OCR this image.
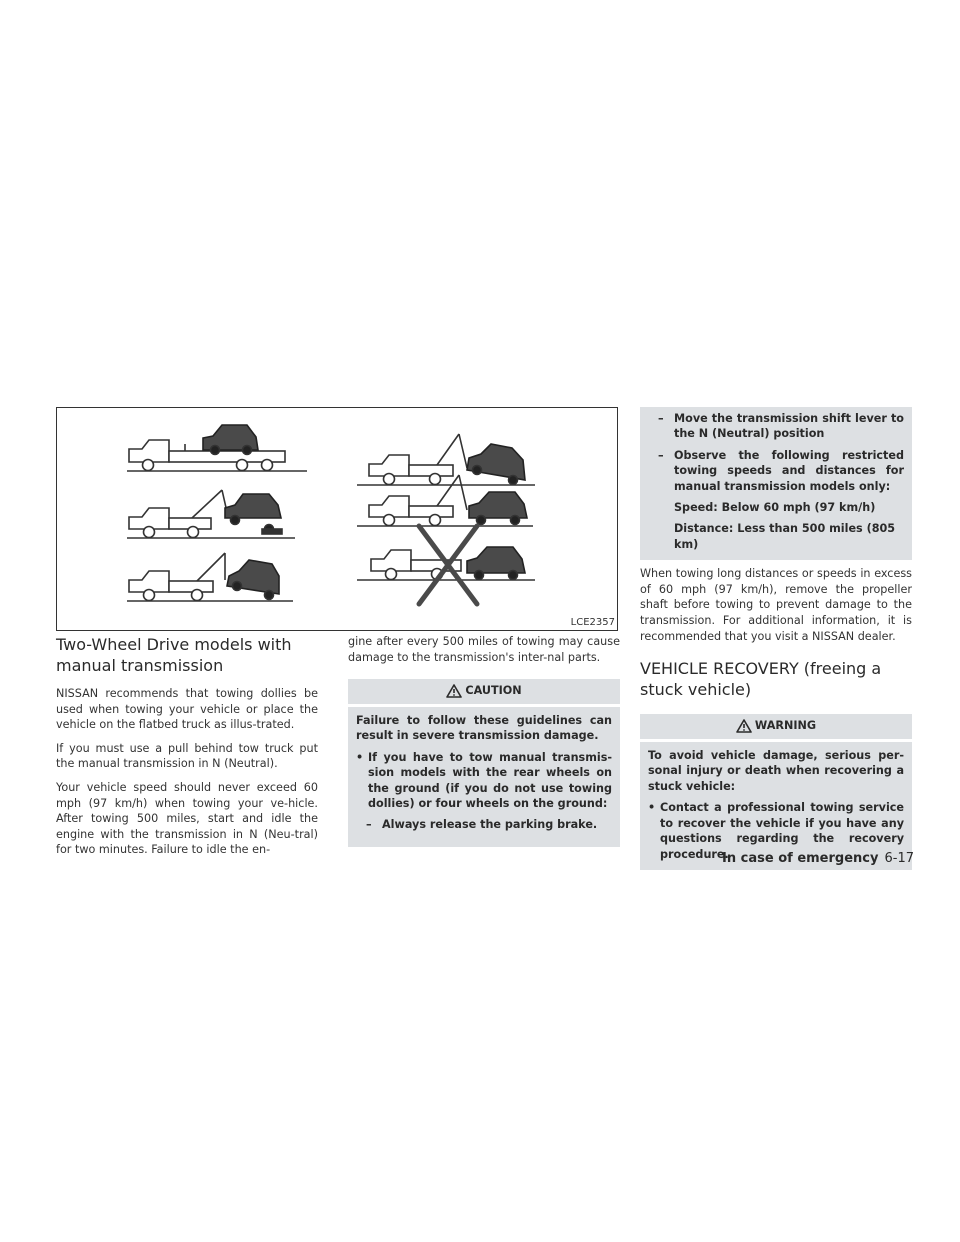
LCE2357
Two-Wheel Drive models with manual transmission

NISSAN recommends that towing dollies be used when towing your vehicle or place the vehicle on the flatbed truck as illus-trated.

If you must use a pull behind tow truck put the manual transmission in N (Neutral).

Your vehicle speed should never exceed 60 mph (97 km/h) when towing your ve-hicle. After towing 500 miles, start and idle the engine with the transmission in N (Neu-tral) for two minutes. Failure to idle the en-

gine after every 500 miles of towing may cause damage to the transmission's inter-nal parts.

CAUTION

Failure to follow these guidelines can result in severe transmission damage.

• If you have to tow manual transmis-sion models with the rear wheels on the ground (if you do not use towing dollies) or four wheels on the ground:
– Always release the parking brake.
– Move the transmission shift lever to the N (Neutral) position
– Observe the following restricted towing speeds and distances for manual transmission models only:
Speed: Below 60 mph (97 km/h)
Distance: Less than 500 miles (805 km)

When towing long distances or speeds in excess of 60 mph (97 km/h), remove the propeller shaft before towing to prevent damage to the transmission. For additional information, it is recommended that you visit a NISSAN dealer.

VEHICLE RECOVERY (freeing a stuck vehicle)
WARNING

To avoid vehicle damage, serious per-sonal injury or death when recovering a stuck vehicle:

• Contact a professional towing service to recover the vehicle if you have any questions regarding the recovery procedure.
In case of emergency 6-17
